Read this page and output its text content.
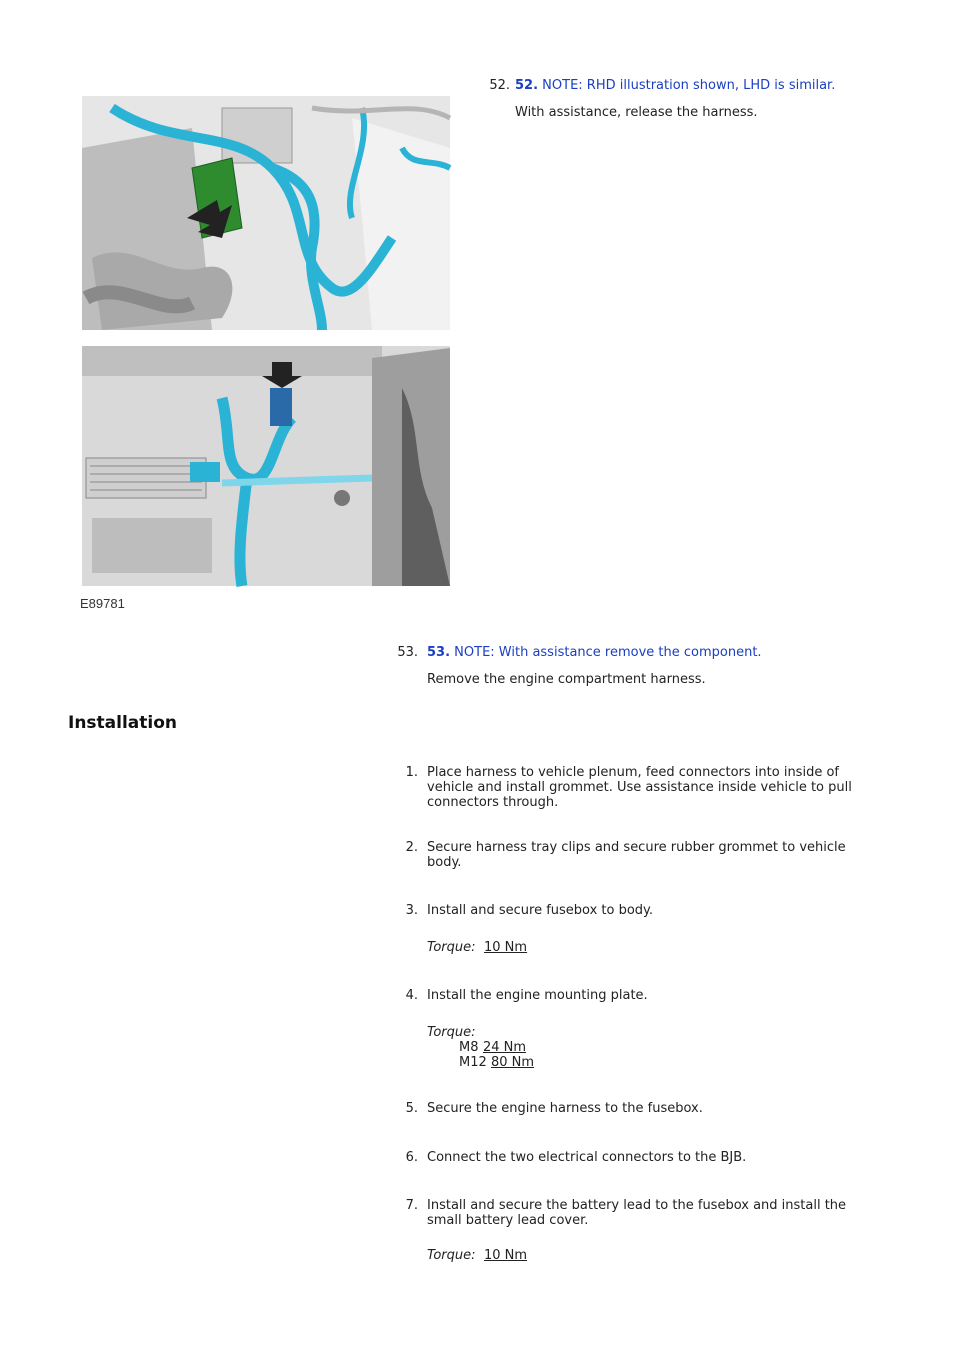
52. 52. NOTE: RHD illustration shown, LHD is similar.
With assistance, release the harness.
E89781
53. 53. NOTE: With assistance remove the component.
Remove the engine compartment harness.
Installation
1. Place harness to vehicle plenum, feed connectors into inside of
vehicle and install grommet. Use assistance inside vehicle to pull
connectors through.
2. Secure harness tray clips and secure rubber grommet to vehicle
body.
3. Install and secure fusebox to body.
Torque: 10 Nm
4. Install the engine mounting plate.
Torque:
M8 24 Nm
M12 80 Nm
5. Secure the engine harness to the fusebox.
6. Connect the two electrical connectors to the BJB.
7. Install and secure the battery lead to the fusebox and install the
small battery lead cover.
Torque: 10 Nm
